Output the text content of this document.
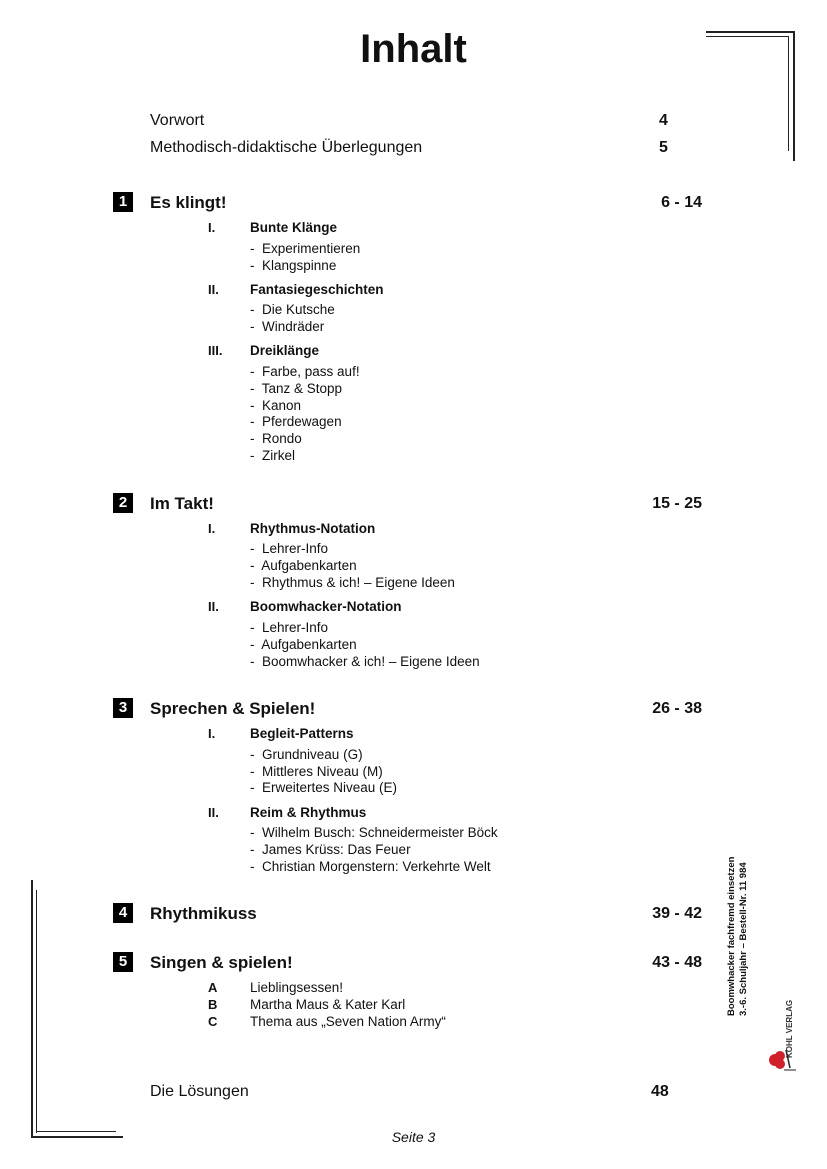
Inhalt
Vorwort	4
Methodisch-didaktische Überlegungen	5
1	Es klingt!	6 - 14
I.	Bunte Klänge
- Experimentieren
- Klangspinne
II. Fantasiegeschichten
- Die Kutsche
- Windräder
III. Dreiklänge
- Farbe, pass auf!
- Tanz & Stopp
- Kanon
- Pferdewagen
- Rondo
- Zirkel
2	Im Takt!	15 - 25
I.	Rhythmus-Notation
- Lehrer-Info
- Aufgabenkarten
- Rhythmus & ich! – Eigene Ideen
II. Boomwhacker-Notation
- Lehrer-Info
- Aufgabenkarten
- Boomwhacker & ich! – Eigene Ideen
3	Sprechen & Spielen!	26 - 38
I.	Begleit-Patterns
- Grundniveau (G)
- Mittleres Niveau (M)
- Erweitertes Niveau (E)
II. Reim & Rhythmus
- Wilhelm Busch: Schneidermeister Böck
- James Krüss: Das Feuer
- Christian Morgenstern: Verkehrte Welt
4	Rhythmikuss	39 - 42
5	Singen & spielen!	43 - 48
A Lieblingsessen!
B Martha Maus & Kater Karl
C Thema aus „Seven Nation Army“
Die Lösungen	48
Seite 3
Boomwhacker fachfremd einsetzen 3.-6. Schuljahr – Bestell-Nr. 11 984
KOHL VERLAG
